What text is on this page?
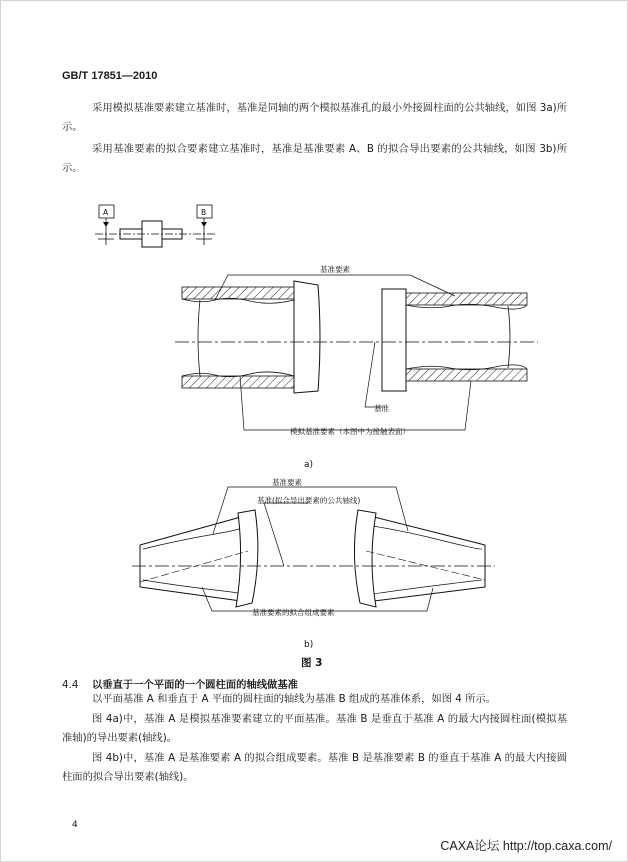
GB/T 17851—2010

采用模拟基准要素建立基准时，基准是同轴的两个模拟基准孔的最小外接圆柱面的公共轴线，如图 3a)所示。

采用基准要素的拟合要素建立基准时，基准是基准要素 A、B 的拟合导出要素的公共轴线，如图 3b)所示。

A	B
基准要素
基准
模拟基准要素（本图中为接触表面）
a)
基准要素
基准(拟合导出要素的公共轴线)
基准要素的拟合组成要素
b)
图 3
4.4 以垂直于一个平面的一个圆柱面的轴线做基准

以平面基准 A 和垂直于 A 平面的圆柱面的轴线为基准 B 组成的基准体系，如图 4 所示。

图 4a)中，基准 A 是模拟基准要素建立的平面基准。基准 B 是垂直于基准 A 的最大内接圆柱面(模拟基准轴)的导出要素(轴线)。

图 4b)中，基准 A 是基准要素 A 的拟合组成要素。基准 B 是基准要素 B 的垂直于基准 A 的最大内接圆柱面的拟合导出要素(轴线)。

4
CAXA论坛 http://top.caxa.com/
